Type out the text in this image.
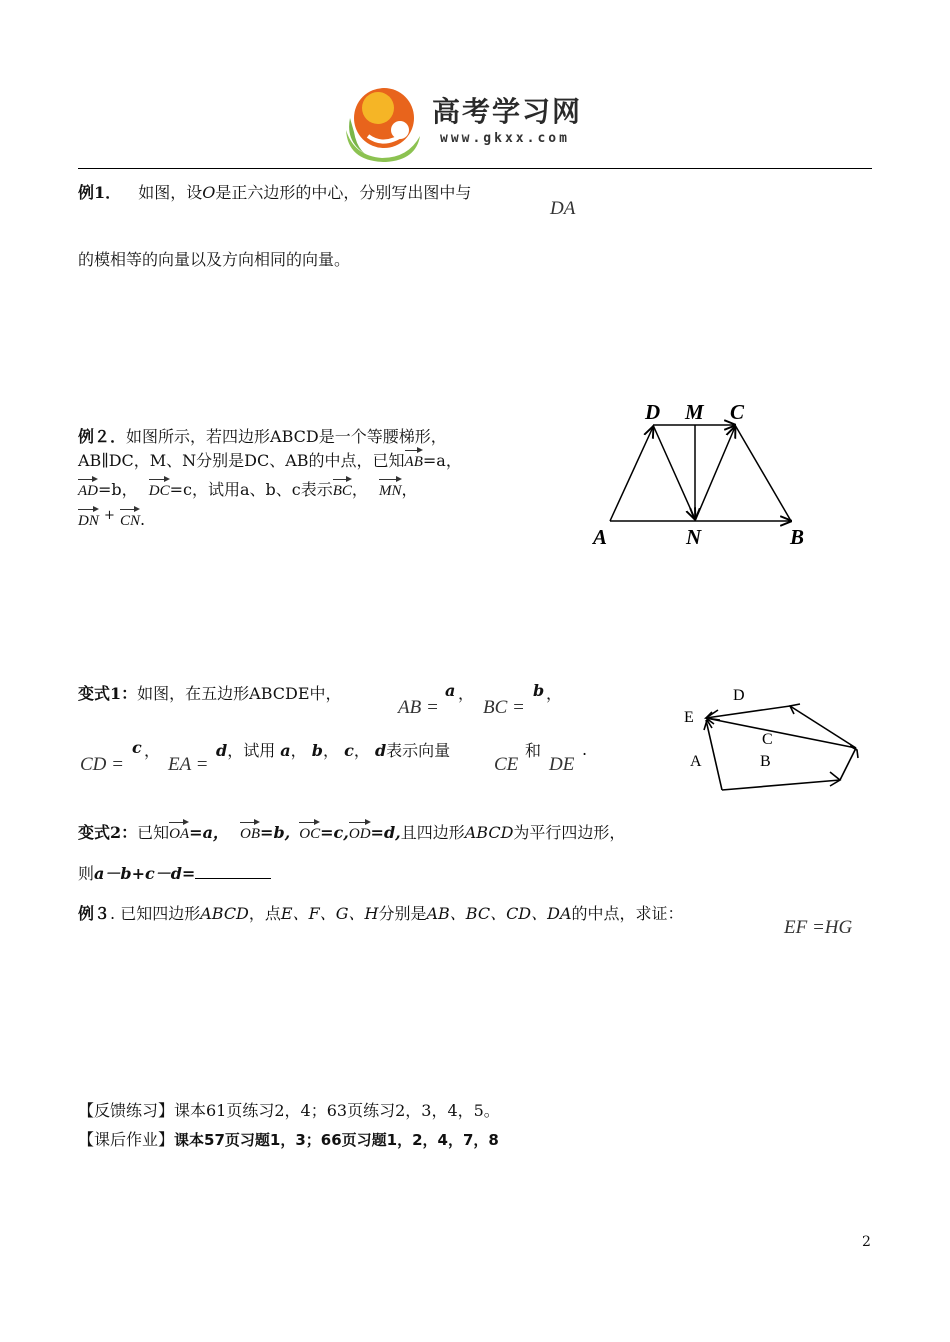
高考学习网
www.gkxx.com
例1． 如图，设O是正六边形的中心，分别写出图中与
DA
的模相等的向量以及方向相同的向量。
例２．如图所示，若四边形ABCD是一个等腰梯形，
AB∥DC，M、N分别是DC、AB的中点，已知AB=a，
AD=b， DC=c，试用a、b、c表示BC， MN，
DN + CN.
D M C
A	N	B
变式1：如图，在五边形ABCDE中，
AB =
a ，
BC =
b ，
CD =
c ，
EA =
d，试用 a， b， c， d表示向量
CE
和
DE
.
D
E
C
A	B
变式2：已知OA=a， OB=b, OC=c,OD=d,且四边形ABCD为平行四边形，
则a－b+c－d=
例３. 已知四边形ABCD，点E、F、G、H分别是AB、BC、CD、DA的中点，求证：
EF =HG
【反馈练习】课本61页练习2，4；63页练习2，3，4，5。
【课后作业】课本57页习题1，3；66页习题1，2，4，7，8
2
